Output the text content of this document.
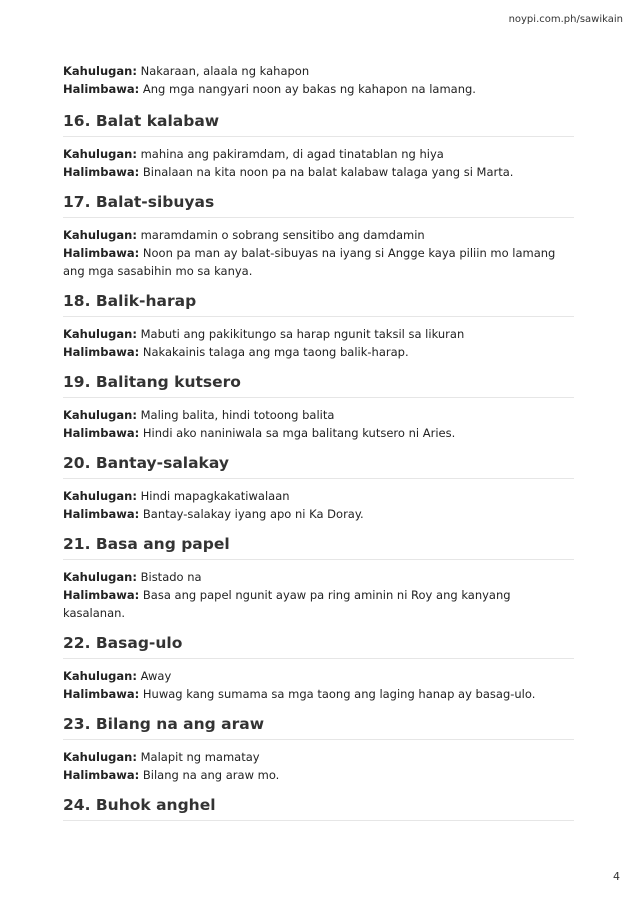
noypi.com.ph/sawikain
Kahulugan: Nakaraan, alaala ng kahapon
Halimbawa: Ang mga nangyari noon ay bakas ng kahapon na lamang.
16. Balat kalabaw
Kahulugan: mahina ang pakiramdam, di agad tinatablan ng hiya
Halimbawa: Binalaan na kita noon pa na balat kalabaw talaga yang si Marta.
17. Balat-sibuyas
Kahulugan: maramdamin o sobrang sensitibo ang damdamin
Halimbawa: Noon pa man ay balat-sibuyas na iyang si Angge kaya piliin mo lamang ang mga sasabihin mo sa kanya.
18. Balik-harap
Kahulugan: Mabuti ang pakikitungo sa harap ngunit taksil sa likuran
Halimbawa: Nakakainis talaga ang mga taong balik-harap.
19. Balitang kutsero
Kahulugan: Maling balita, hindi totoong balita
Halimbawa: Hindi ako naniniwala sa mga balitang kutsero ni Aries.
20. Bantay-salakay
Kahulugan: Hindi mapagkakatiwalaan
Halimbawa: Bantay-salakay iyang apo ni Ka Doray.
21. Basa ang papel
Kahulugan: Bistado na
Halimbawa: Basa ang papel ngunit ayaw pa ring aminin ni Roy ang kanyang kasalanan.
22. Basag-ulo
Kahulugan: Away
Halimbawa: Huwag kang sumama sa mga taong ang laging hanap ay basag-ulo.
23. Bilang na ang araw
Kahulugan: Malapit ng mamatay
Halimbawa: Bilang na ang araw mo.
24. Buhok anghel
4
